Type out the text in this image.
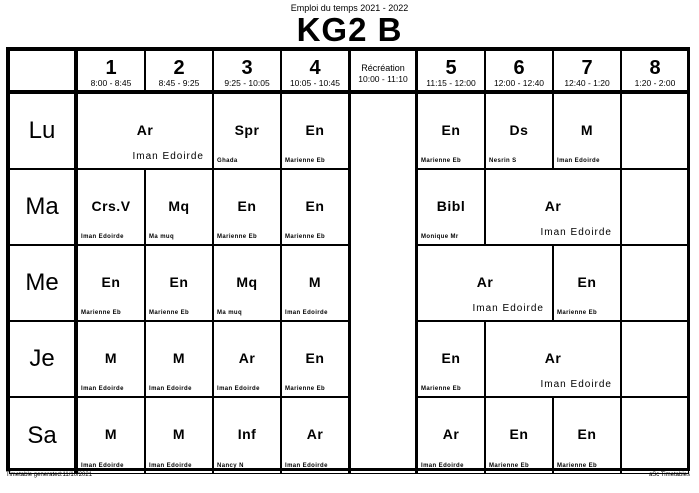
Emploi du temps 2021 - 2022
KG2 B
1
8:00 - 8:45
2
8:45 - 9:25
3
9:25 - 10:05
4
10:05 - 10:45
Récréation
10:00 - 11:10	5
11:15 - 12:00
6
12:00 - 12:40
7
12:40 - 1:20
8
1:20 - 2:00
Lu
Ma
Me
Je
Sa
Ar
Iman Edoirde
Spr
Ghada
En
Marienne Eb
En
Marienne Eb
Ds
Nesrin S
M
Iman Edoirde
Crs.V
Iman Edoirde
Mq
Ma muq
En
Marienne Eb
En
Marienne Eb
Bibl
Monique Mr
Ar
Iman Edoirde
En
Marienne Eb
En
Marienne Eb
Mq
Ma muq
M
Iman Edoirde
Ar
Iman Edoirde
En
Marienne Eb
M
Iman Edoirde
M
Iman Edoirde
Ar
Iman Edoirde
En
Marienne Eb
En
Marienne Eb
Ar
Iman Edoirde
M
Iman Edoirde
M
Iman Edoirde
Inf
Nancy N
Ar
Iman Edoirde
Ar
Iman Edoirde
En
Marienne Eb
En
Marienne Eb
Timetable generated:11/10/2021	aSc Timetables
